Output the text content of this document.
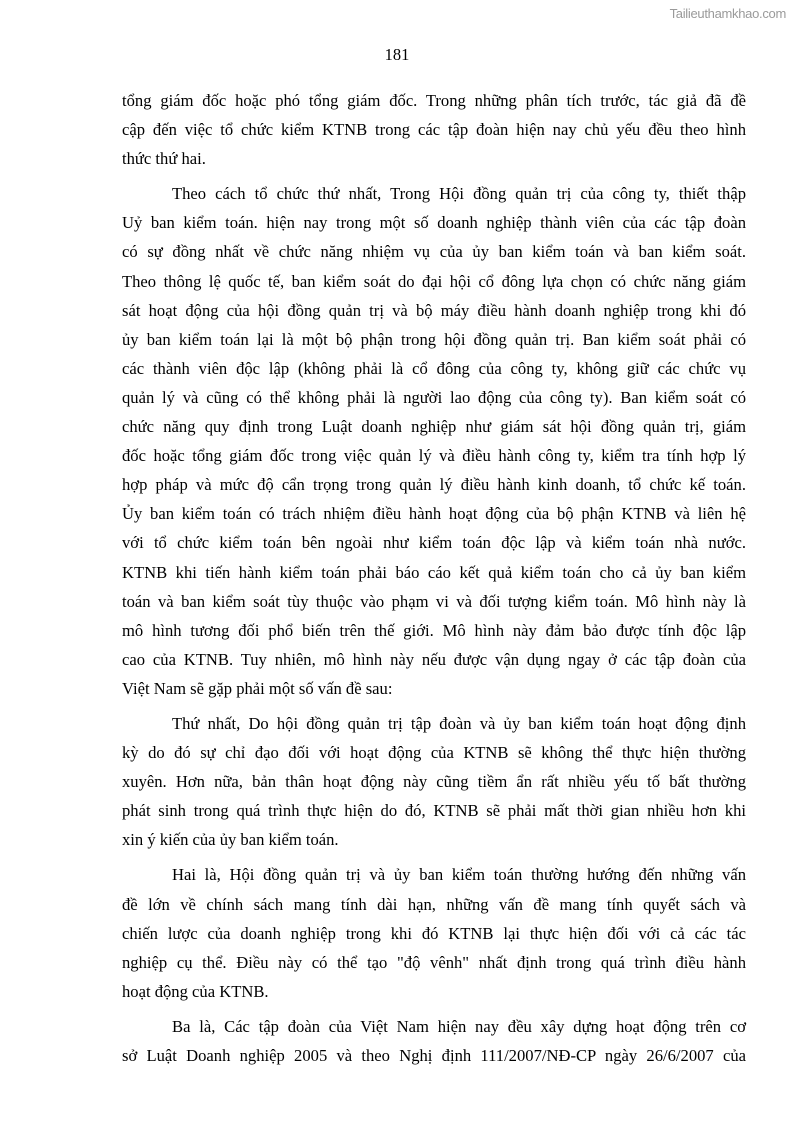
Tailieuthamkhao.com
181
tổng giám đốc hoặc phó tổng giám đốc. Trong những phân tích trước, tác giả đã đề
cập đến việc tổ chức kiểm KTNB trong các tập đoàn hiện nay chủ yếu đều theo hình
thức thứ hai.
Theo cách tổ chức thứ nhất, Trong Hội đồng quản trị của công ty, thiết thập
Uỷ ban kiểm toán. hiện nay trong một số doanh nghiệp thành viên của các tập đoàn
có sự đồng nhất về chức năng nhiệm vụ của ủy ban kiểm toán và ban kiểm soát.
Theo thông lệ quốc tế, ban kiểm soát do đại hội cổ đông lựa chọn có chức năng giám
sát hoạt động của hội đồng quản trị và bộ máy điều hành doanh nghiệp trong khi đó
ủy ban kiểm toán lại là một bộ phận trong hội đồng quản trị. Ban kiểm soát phải có
các thành viên độc lập (không phải là cổ đông của công ty, không giữ các chức vụ
quản lý và cũng có thể không phải là người lao động của công ty). Ban kiểm soát có
chức năng quy định trong Luật doanh nghiệp như giám sát hội đồng quản trị, giám
đốc hoặc tổng giám đốc trong việc quản lý và điều hành công ty, kiểm tra tính hợp lý
hợp pháp và mức độ cẩn trọng trong quản lý điều hành kinh doanh, tổ chức kế toán.
Ủy ban kiểm toán có trách nhiệm điều hành hoạt động của bộ phận KTNB và liên hệ
với tổ chức kiểm toán bên ngoài như kiểm toán độc lập và kiểm toán nhà nước.
KTNB khi tiến hành kiểm toán phải báo cáo kết quả kiểm toán cho cả ủy ban kiểm
toán và ban kiểm soát tùy thuộc vào phạm vi và đối tượng kiểm toán. Mô hình này là
mô hình tương đối phổ biến trên thế giới. Mô hình này đảm bảo được tính độc lập
cao của KTNB. Tuy nhiên, mô hình này nếu được vận dụng ngay ở các tập đoàn của
Việt Nam sẽ gặp phải một số vấn đề sau:
Thứ nhất, Do hội đồng quản trị tập đoàn và ủy ban kiểm toán hoạt động định
kỳ do đó sự chỉ đạo đối với hoạt động của KTNB sẽ không thể thực hiện thường
xuyên. Hơn nữa, bản thân hoạt động này cũng tiềm ẩn rất nhiều yếu tố bất thường
phát sinh trong quá trình thực hiện do đó, KTNB sẽ phải mất thời gian nhiều hơn khi
xin ý kiến của ủy ban kiểm toán.
Hai là, Hội đồng quản trị và ủy ban kiểm toán thường hướng đến những vấn
đề lớn về chính sách mang tính dài hạn, những vấn đề mang tính quyết sách và
chiến lược của doanh nghiệp trong khi đó KTNB lại thực hiện đối với cả các tác
nghiệp cụ thể. Điều này có thể tạo "độ vênh" nhất định trong quá trình điều hành
hoạt động của KTNB.
Ba là, Các tập đoàn của Việt Nam hiện nay đều xây dựng hoạt động trên cơ
sở Luật Doanh nghiệp 2005 và theo Nghị định 111/2007/NĐ-CP ngày 26/6/2007 của
